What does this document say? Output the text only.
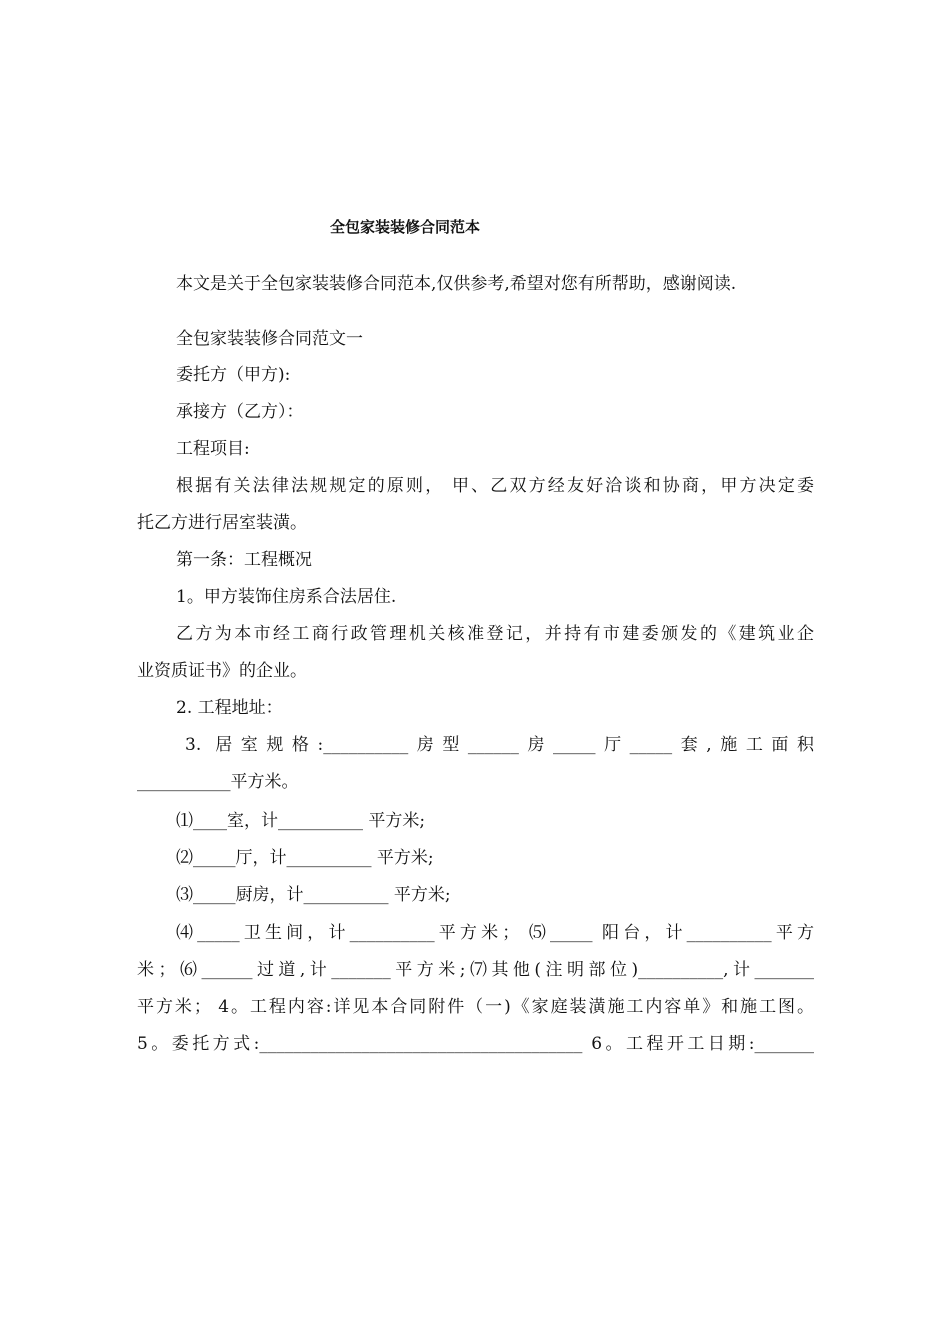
全包家装装修合同范本
本文是关于全包家装装修合同范本,仅供参考,希望对您有所帮助，感谢阅读.
全包家装装修合同范文一
委托方（甲方):
承接方（乙方）：
工程项目:
根据有关法律法规规定的原则， 甲、乙双方经友好洽谈和协商，甲方决定委
托乙方进行居室装潢。
第一条：工程概况
1。甲方装饰住房系合法居住.
乙方为本市经工商行政管理机关核准登记，并持有市建委颁发的《建筑业企
业资质证书》的企业。
2. 工程地址：
3. 居室规格:__________房型______房_____厅_____套,施工面积
___________平方米。
⑴____室，计__________ 平方米;
⑵_____厅，计__________ 平方米;
⑶_____厨房，计__________ 平方米;
⑷_____卫生间，计__________平方米； ⑸_____ 阳台，计__________平方
米；⑹______过道,计_______平方米;⑺其他(注明部位)__________,计_______
平方米； 4。工程内容:详见本合同附件（一)《家庭装潢施工内容单》和施工图。
5。委托方式:______________________________________ 6。工程开工日期:_______
